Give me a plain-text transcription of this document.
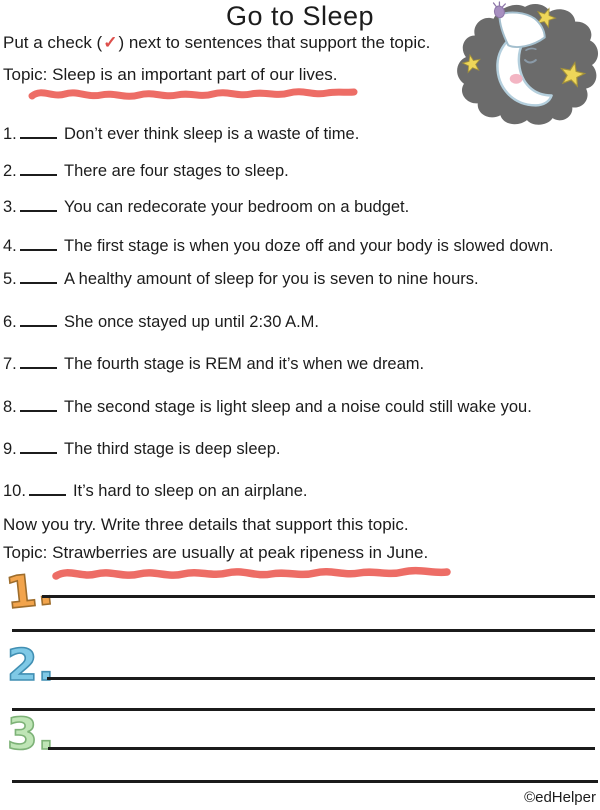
Go to Sleep
Put a check (✓) next to sentences that support the topic.
Topic: Sleep is an important part of our lives.
1.	Don’t ever think sleep is a waste of time.
2.	There are four stages to sleep.
3.	You can redecorate your bedroom on a budget.
4.	The first stage is when you doze off and your body is slowed down.
5.	A healthy amount of sleep for you is seven to nine hours.
6.	She once stayed up until 2:30 A.M.
7.	The fourth stage is REM and it’s when we dream.
8.	The second stage is light sleep and a noise could still wake you.
9.	The third stage is deep sleep.
10.	It’s hard to sleep on an airplane.
Now you try. Write three details that support this topic.
Topic: Strawberries are usually at peak ripeness in June.
1.
2.
3.
©edHelper
